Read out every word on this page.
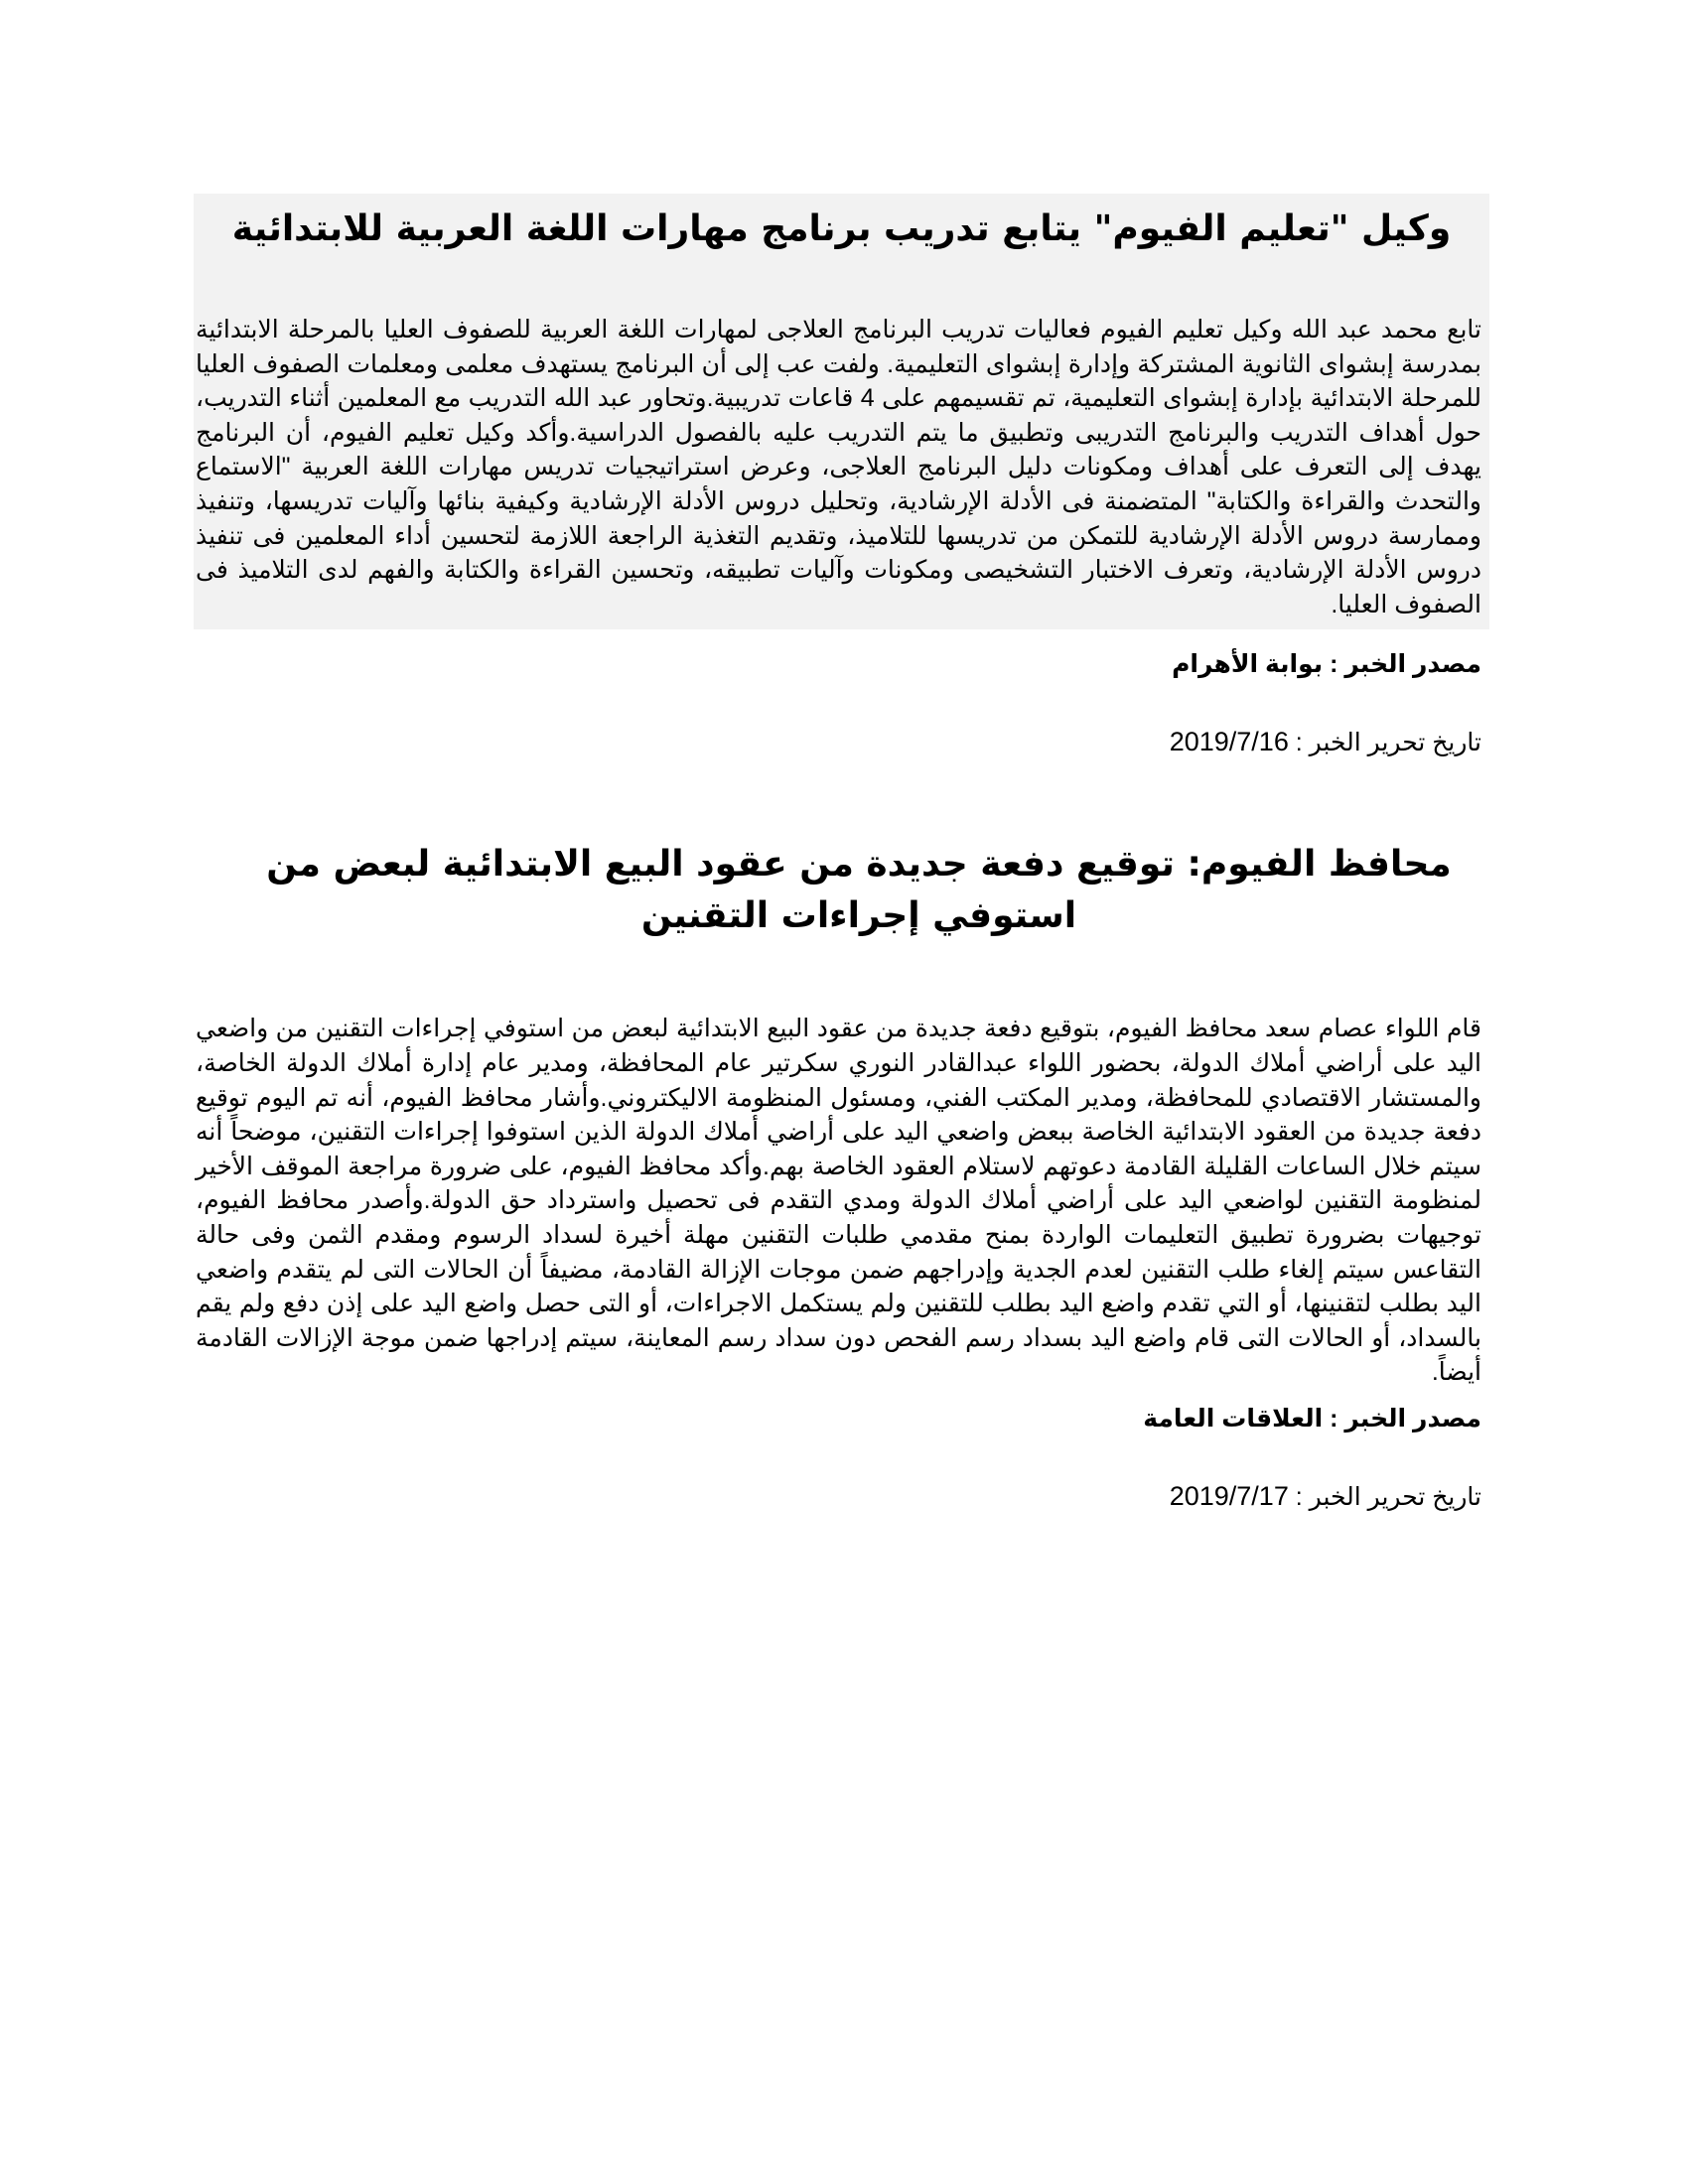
وكيل "تعليم الفيوم" يتابع تدريب برنامج مهارات اللغة العربية للابتدائية

تابع محمد عبد الله وكيل تعليم الفيوم فعاليات تدريب البرنامج العلاجى لمهارات اللغة العربية للصفوف العليا بالمرحلة الابتدائية بمدرسة إبشواى الثانوية المشتركة وإدارة إبشواى التعليمية. ولفت عب إلى أن البرنامج يستهدف معلمى ومعلمات الصفوف العليا للمرحلة الابتدائية بإدارة إبشواى التعليمية، تم تقسيمهم على 4 قاعات تدريبية.وتحاور عبد الله التدريب مع المعلمين أثناء التدريب، حول أهداف التدريب والبرنامج التدريبى وتطبيق ما يتم التدريب عليه بالفصول الدراسية.وأكد وكيل تعليم الفيوم، أن البرنامج يهدف إلى التعرف على أهداف ومكونات دليل البرنامج العلاجى، وعرض استراتيجيات تدريس مهارات اللغة العربية "الاستماع والتحدث والقراءة والكتابة" المتضمنة فى الأدلة الإرشادية، وتحليل دروس الأدلة الإرشادية وكيفية بنائها وآليات تدريسها، وتنفيذ وممارسة دروس الأدلة الإرشادية للتمكن من تدريسها للتلاميذ، وتقديم التغذية الراجعة اللازمة لتحسين أداء المعلمين فى تنفيذ دروس الأدلة الإرشادية، وتعرف الاختبار التشخيصى ومكونات وآليات تطبيقه، وتحسين القراءة والكتابة والفهم لدى التلاميذ فى الصفوف العليا.

مصدر الخبر : بوابة الأهرام

تاريخ تحرير الخبر : 2019/7/16

محافظ الفيوم: توقيع دفعة جديدة من عقود البيع الابتدائية لبعض من استوفي إجراءات التقنين

قام اللواء عصام سعد محافظ الفيوم، بتوقيع دفعة جديدة من عقود البيع الابتدائية لبعض من استوفي إجراءات التقنين من واضعي اليد على أراضي أملاك الدولة، بحضور اللواء عبدالقادر النوري سكرتير عام المحافظة، ومدير عام إدارة أملاك الدولة الخاصة، والمستشار الاقتصادي للمحافظة، ومدير المكتب الفني، ومسئول المنظومة الاليكتروني.وأشار محافظ الفيوم، أنه تم اليوم توقيع دفعة جديدة من العقود الابتدائية الخاصة ببعض واضعي اليد على أراضي أملاك الدولة الذين استوفوا إجراءات التقنين، موضحاً أنه سيتم خلال الساعات القليلة القادمة دعوتهم لاستلام العقود الخاصة بهم.وأكد محافظ الفيوم، على ضرورة مراجعة الموقف الأخير لمنظومة التقنين لواضعي اليد على أراضي أملاك الدولة ومدي التقدم فى تحصيل واسترداد حق الدولة.وأصدر محافظ الفيوم، توجيهات بضرورة تطبيق التعليمات الواردة بمنح مقدمي طلبات التقنين مهلة أخيرة لسداد الرسوم ومقدم الثمن وفى حالة التقاعس سيتم إلغاء طلب التقنين لعدم الجدية وإدراجهم ضمن موجات الإزالة القادمة، مضيفاً أن الحالات التى لم يتقدم واضعي اليد بطلب لتقنينها، أو التي تقدم واضع اليد بطلب للتقنين ولم يستكمل الاجراءات، أو التى حصل واضع اليد على إذن دفع ولم يقم بالسداد، أو الحالات التى قام واضع اليد بسداد رسم الفحص دون سداد رسم المعاينة، سيتم إدراجها ضمن موجة الإزالات القادمة أيضاً.

مصدر الخبر : العلاقات العامة

تاريخ تحرير الخبر : 2019/7/17
